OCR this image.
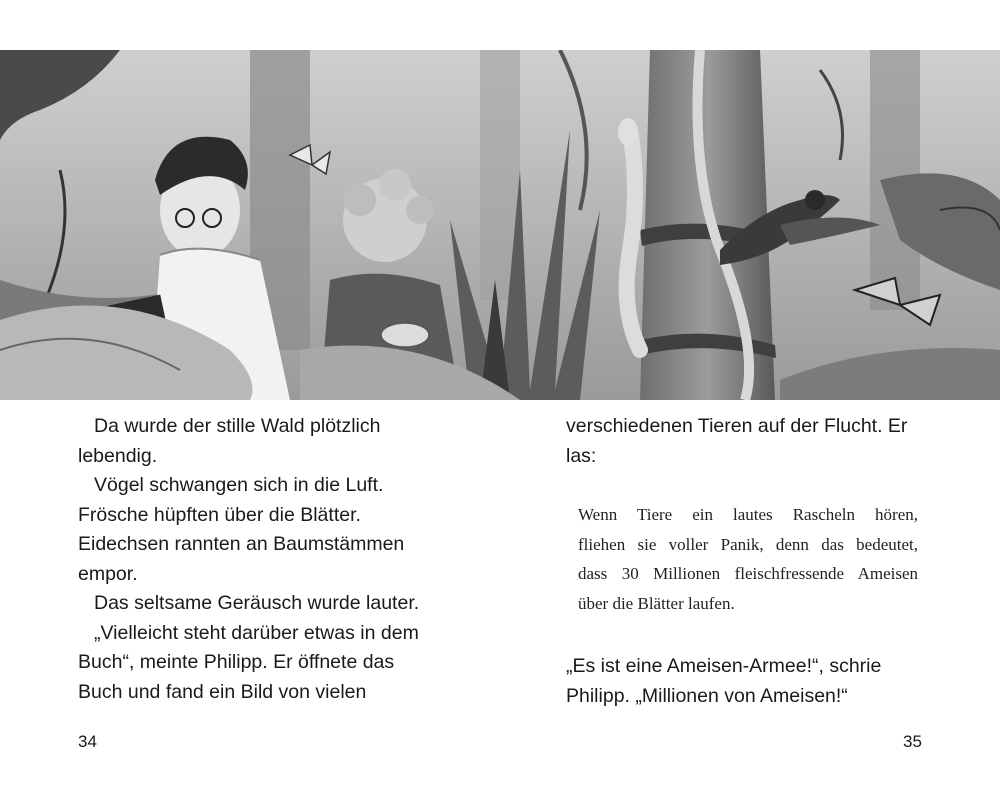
Da wurde der stille Wald plötzlich

lebendig.

Vögel schwangen sich in die Luft.

Frösche hüpften über die Blätter.

Eidechsen rannten an Baumstämmen

empor.

Das seltsame Geräusch wurde lauter.

„Vielleicht steht darüber etwas in dem

Buch“, meinte Philipp. Er öffnete das

Buch und fand ein Bild von vielen

verschiedenen Tieren auf der Flucht. Er

las:

Wenn Tiere ein lautes Rascheln hören,
fliehen sie voller Panik, denn das bedeutet,
dass 30 Millionen fleischfressende Ameisen
über die Blätter laufen.

„Es ist eine Ameisen-Armee!“, schrie

Philipp. „Millionen von Ameisen!“

34	35
